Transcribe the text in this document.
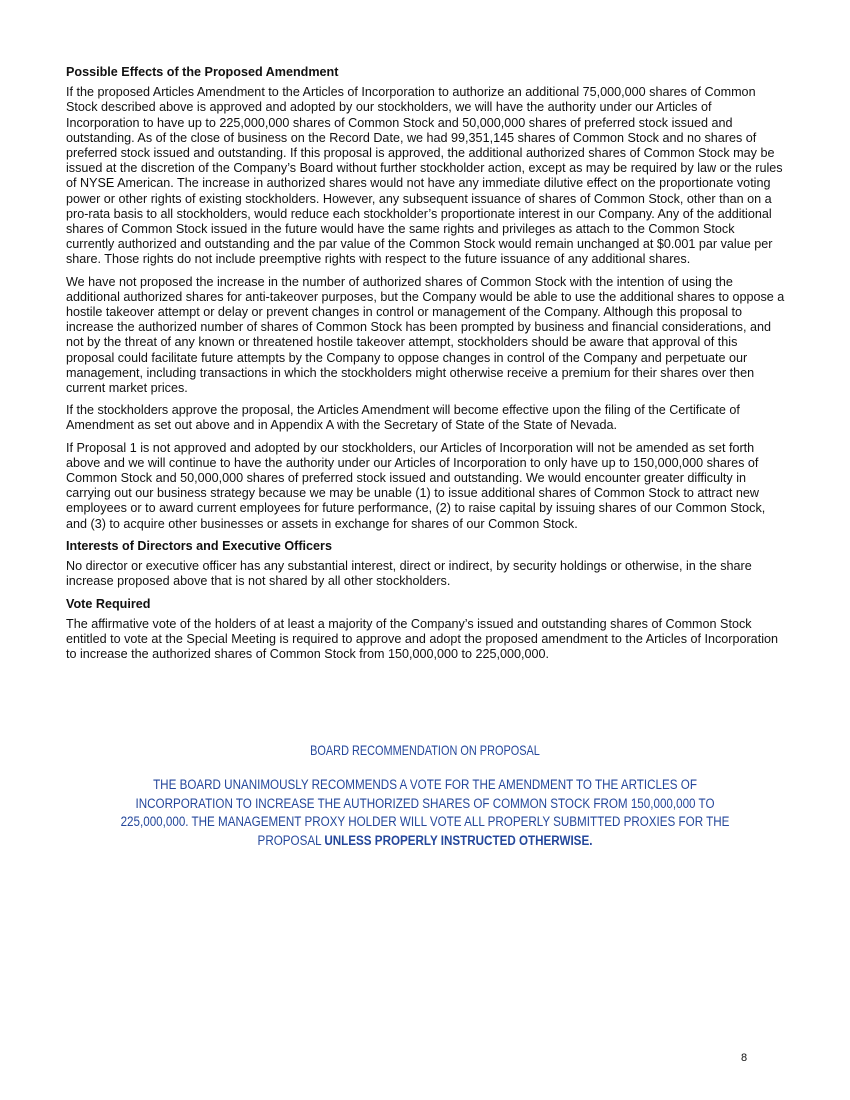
Possible Effects of the Proposed Amendment

If the proposed Articles Amendment to the Articles of Incorporation to authorize an additional 75,000,000 shares of Common Stock described above is approved and adopted by our stockholders, we will have the authority under our Articles of Incorporation to have up to 225,000,000 shares of Common Stock and 50,000,000 shares of preferred stock issued and outstanding. As of the close of business on the Record Date, we had 99,351,145 shares of Common Stock and no shares of preferred stock issued and outstanding. If this proposal is approved, the additional authorized shares of Common Stock may be issued at the discretion of the Company’s Board without further stockholder action, except as may be required by law or the rules of NYSE American. The increase in authorized shares would not have any immediate dilutive effect on the proportionate voting power or other rights of existing stockholders. However, any subsequent issuance of shares of Common Stock, other than on a pro-rata basis to all stockholders, would reduce each stockholder’s proportionate interest in our Company. Any of the additional shares of Common Stock issued in the future would have the same rights and privileges as attach to the Common Stock currently authorized and outstanding and the par value of the Common Stock would remain unchanged at $0.001 par value per share. Those rights do not include preemptive rights with respect to the future issuance of any additional shares.

We have not proposed the increase in the number of authorized shares of Common Stock with the intention of using the additional authorized shares for anti-takeover purposes, but the Company would be able to use the additional shares to oppose a hostile takeover attempt or delay or prevent changes in control or management of the Company. Although this proposal to increase the authorized number of shares of Common Stock has been prompted by business and financial considerations, and not by the threat of any known or threatened hostile takeover attempt, stockholders should be aware that approval of this proposal could facilitate future attempts by the Company to oppose changes in control of the Company and perpetuate our management, including transactions in which the stockholders might otherwise receive a premium for their shares over then current market prices.

If the stockholders approve the proposal, the Articles Amendment will become effective upon the filing of the Certificate of Amendment as set out above and in Appendix A with the Secretary of State of the State of Nevada.

If Proposal 1 is not approved and adopted by our stockholders, our Articles of Incorporation will not be amended as set forth above and we will continue to have the authority under our Articles of Incorporation to only have up to 150,000,000 shares of Common Stock and 50,000,000 shares of preferred stock issued and outstanding. We would encounter greater difficulty in carrying out our business strategy because we may be unable (1) to issue additional shares of Common Stock to attract new employees or to award current employees for future performance, (2) to raise capital by issuing shares of our Common Stock, and (3) to acquire other businesses or assets in exchange for shares of our Common Stock.

Interests of Directors and Executive Officers

No director or executive officer has any substantial interest, direct or indirect, by security holdings or otherwise, in the share increase proposed above that is not shared by all other stockholders.

Vote Required

The affirmative vote of the holders of at least a majority of the Company’s issued and outstanding shares of Common Stock entitled to vote at the Special Meeting is required to approve and adopt the proposed amendment to the Articles of Incorporation to increase the authorized shares of Common Stock from 150,000,000 to 225,000,000.

BOARD RECOMMENDATION ON PROPOSAL
THE BOARD UNANIMOUSLY RECOMMENDS A VOTE FOR THE AMENDMENT TO THE ARTICLES OF INCORPORATION TO INCREASE THE AUTHORIZED SHARES OF COMMON STOCK FROM 150,000,000 TO 225,000,000. THE MANAGEMENT PROXY HOLDER WILL VOTE ALL PROPERLY SUBMITTED PROXIES FOR THE PROPOSAL UNLESS PROPERLY INSTRUCTED OTHERWISE.
8
